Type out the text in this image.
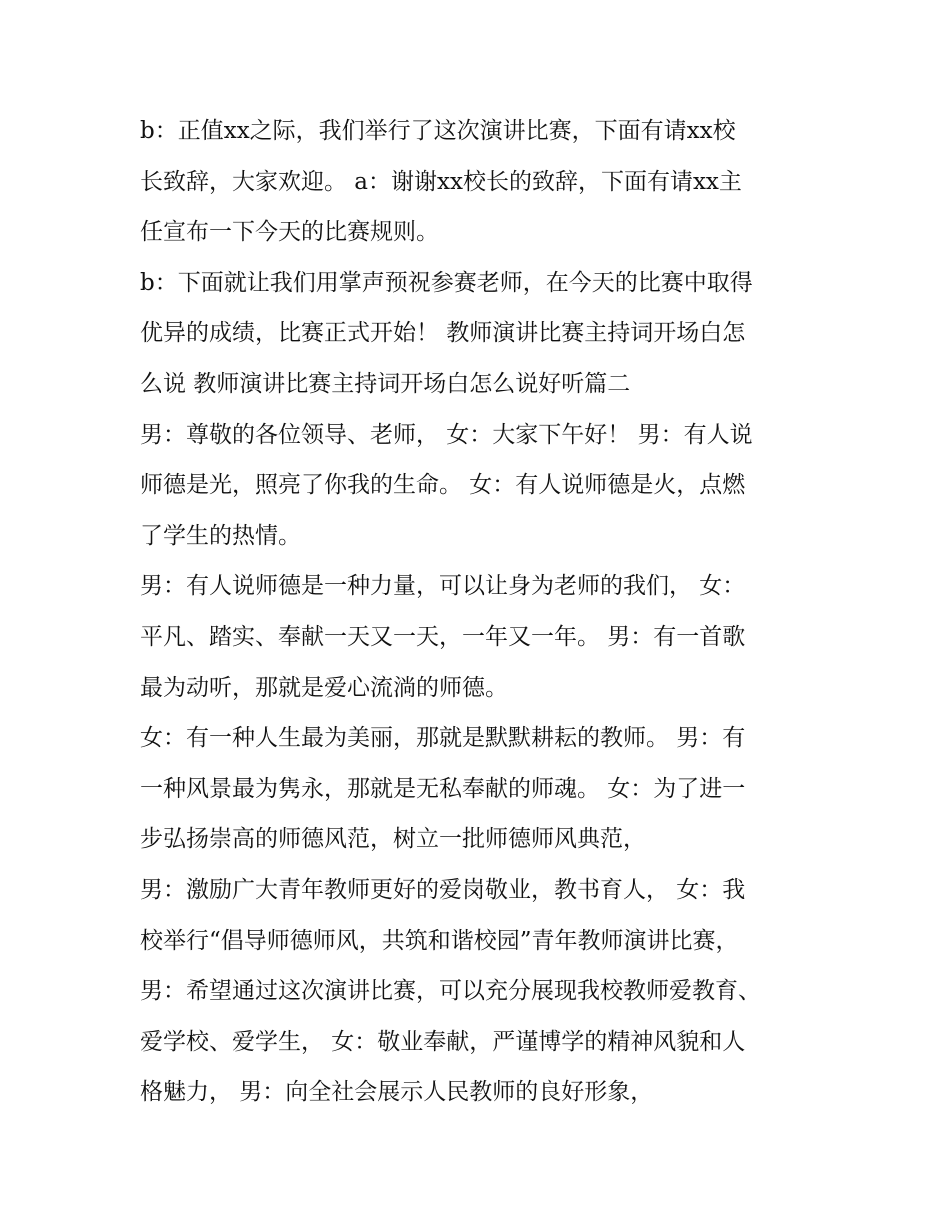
b：正值xx之际，我们举行了这次演讲比赛，下面有请xx校
长致辞，大家欢迎。 a：谢谢xx校长的致辞，下面有请xx主
任宣布一下今天的比赛规则。
b：下面就让我们用掌声预祝参赛老师，在今天的比赛中取得
优异的成绩，比赛正式开始！ 教师演讲比赛主持词开场白怎
么说 教师演讲比赛主持词开场白怎么说好听篇二
男：尊敬的各位领导、老师， 女：大家下午好！ 男：有人说
师德是光，照亮了你我的生命。 女：有人说师德是火，点燃
了学生的热情。
男：有人说师德是一种力量，可以让身为老师的我们， 女：
平凡、踏实、奉献一天又一天，一年又一年。 男：有一首歌
最为动听，那就是爱心流淌的师德。
女：有一种人生最为美丽，那就是默默耕耘的教师。 男：有
一种风景最为隽永，那就是无私奉献的师魂。 女：为了进一
步弘扬崇高的师德风范，树立一批师德师风典范，
男：激励广大青年教师更好的爱岗敬业，教书育人， 女：我
校举行“倡导师德师风，共筑和谐校园”青年教师演讲比赛，
男：希望通过这次演讲比赛，可以充分展现我校教师爱教育、
爱学校、爱学生， 女：敬业奉献，严谨博学的精神风貌和人
格魅力， 男：向全社会展示人民教师的良好形象，
